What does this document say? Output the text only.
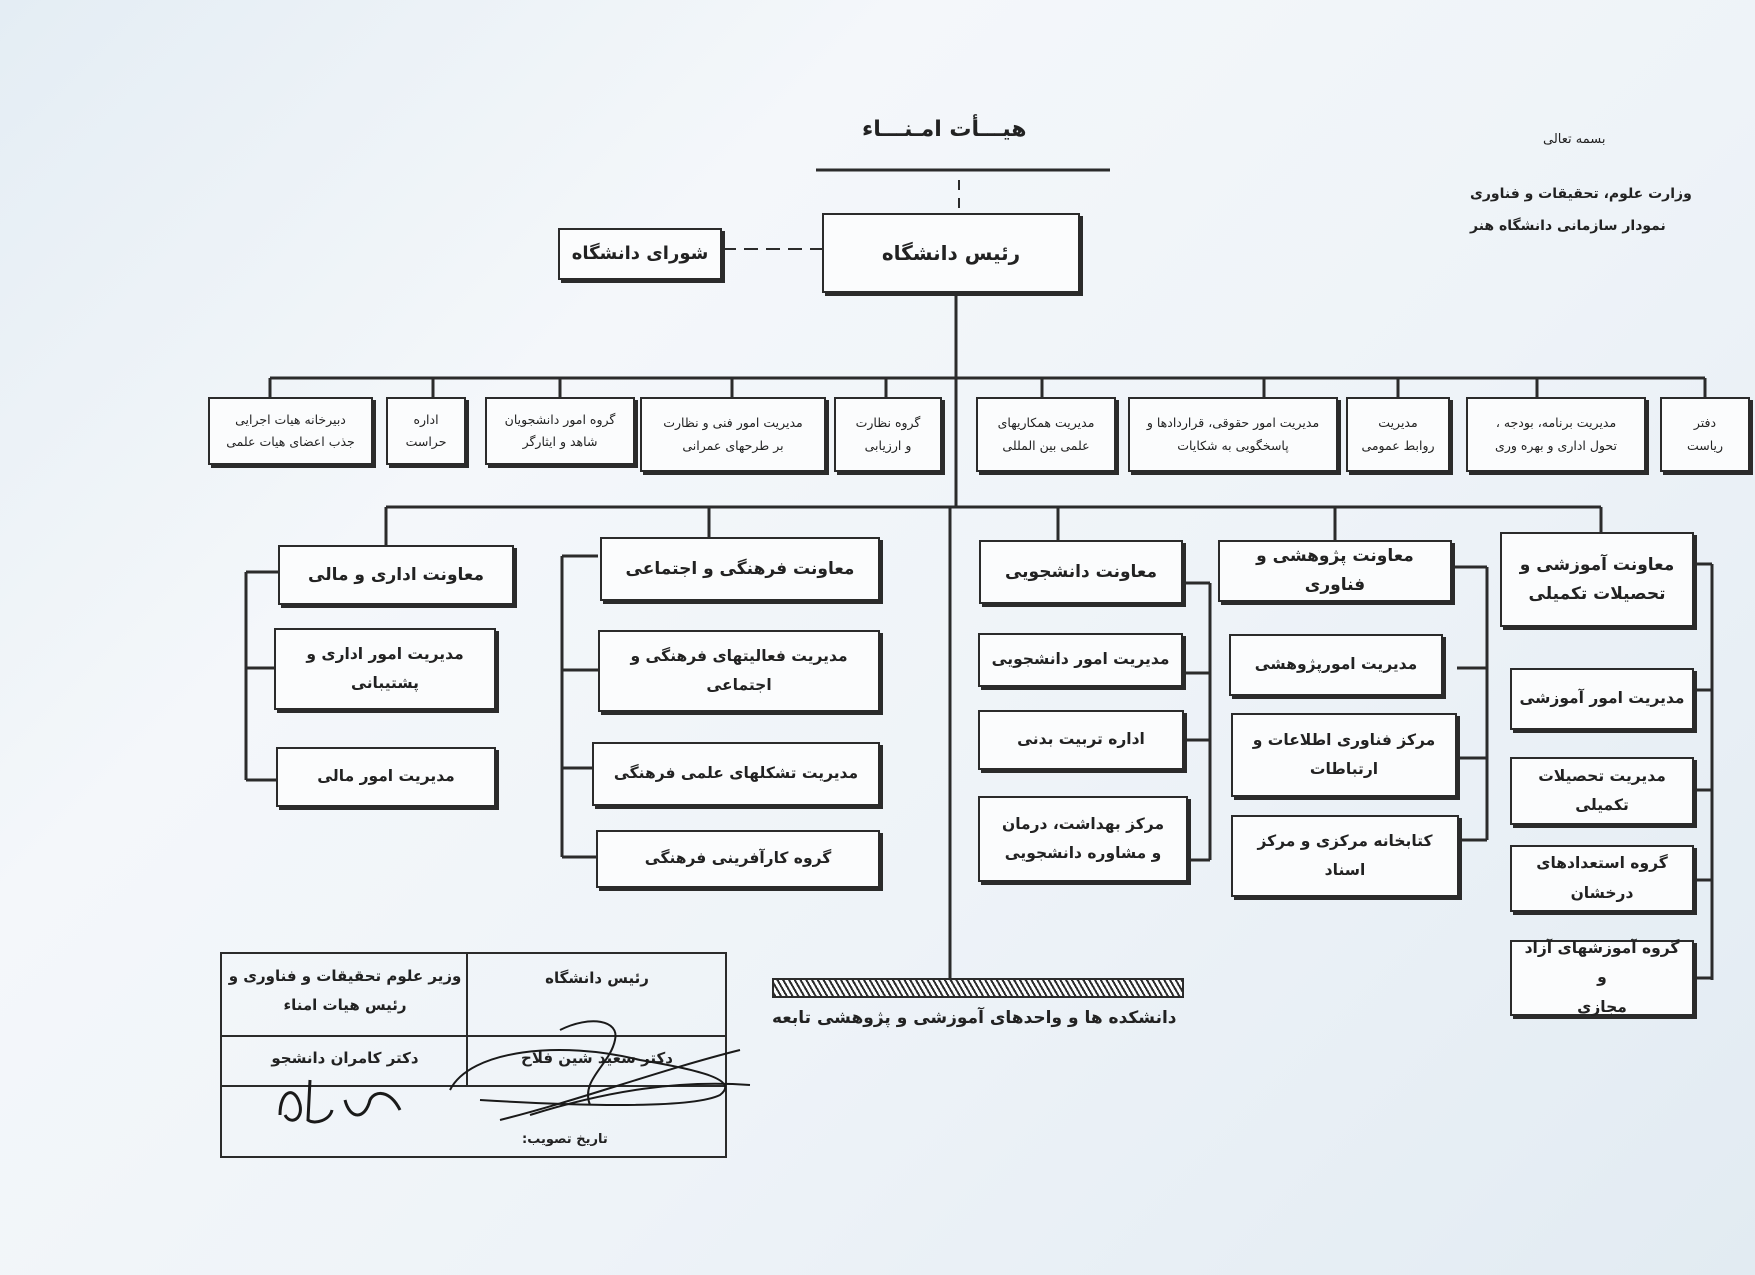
بسمه تعالی
وزارت علوم، تحقیقات و فناوری
نمودار سازمانی دانشگاه هنر
هیـــأت امـنـــاء
رئیس دانشگاه
شورای دانشگاه
دفتر
ریاست
مدیریت برنامه، بودجه ،
تحول اداری و بهره وری
مدیریت
روابط عمومی
مدیریت امور حقوقی، قراردادها و
پاسخگویی به شکایات
مدیریت همکاریهای
علمی بین المللی
گروه نظارت
و ارزیابی
مدیریت امور فنی و نظارت
بر طرحهای عمرانی
گروه امور دانشجویان
شاهد و ایثارگر
اداره
حراست
دبیرخانه هیات اجرایی
جذب اعضای هیات علمی
معاونت آموزشی و
تحصیلات تکمیلی
مدیریت امور آموزشی
مدیریت تحصیلات
تکمیلی
گروه استعدادهای
درخشان
گروه آموزشهای آزاد و
مجازی
معاونت پژوهشی و فناوری
مدیریت امورپژوهشی
مرکز فناوری اطلاعات و
ارتباطات
کتابخانه مرکزی و مرکز
اسناد
معاونت دانشجویی
مدیریت امور دانشجویی
اداره تربیت بدنی
مرکز بهداشت، درمان
و مشاوره دانشجویی
معاونت فرهنگی و اجتماعی
مدیریت فعالیتهای فرهنگی و
اجتماعی
مدیریت تشکلهای علمی فرهنگی
گروه کارآفرینی فرهنگی
معاونت اداری و مالی
مدیریت امور اداری و
پشتیبانی
مدیریت امور مالی
دانشکده ها و واحدهای آموزشی و پژوهشی تابعه
رئیس دانشگاه
وزیر علوم تحقیقات و فناوری و
رئیس هیات امناء
دکتر سعید شین فلاح
دکتر کامران دانشجو
تاریخ تصویب:
